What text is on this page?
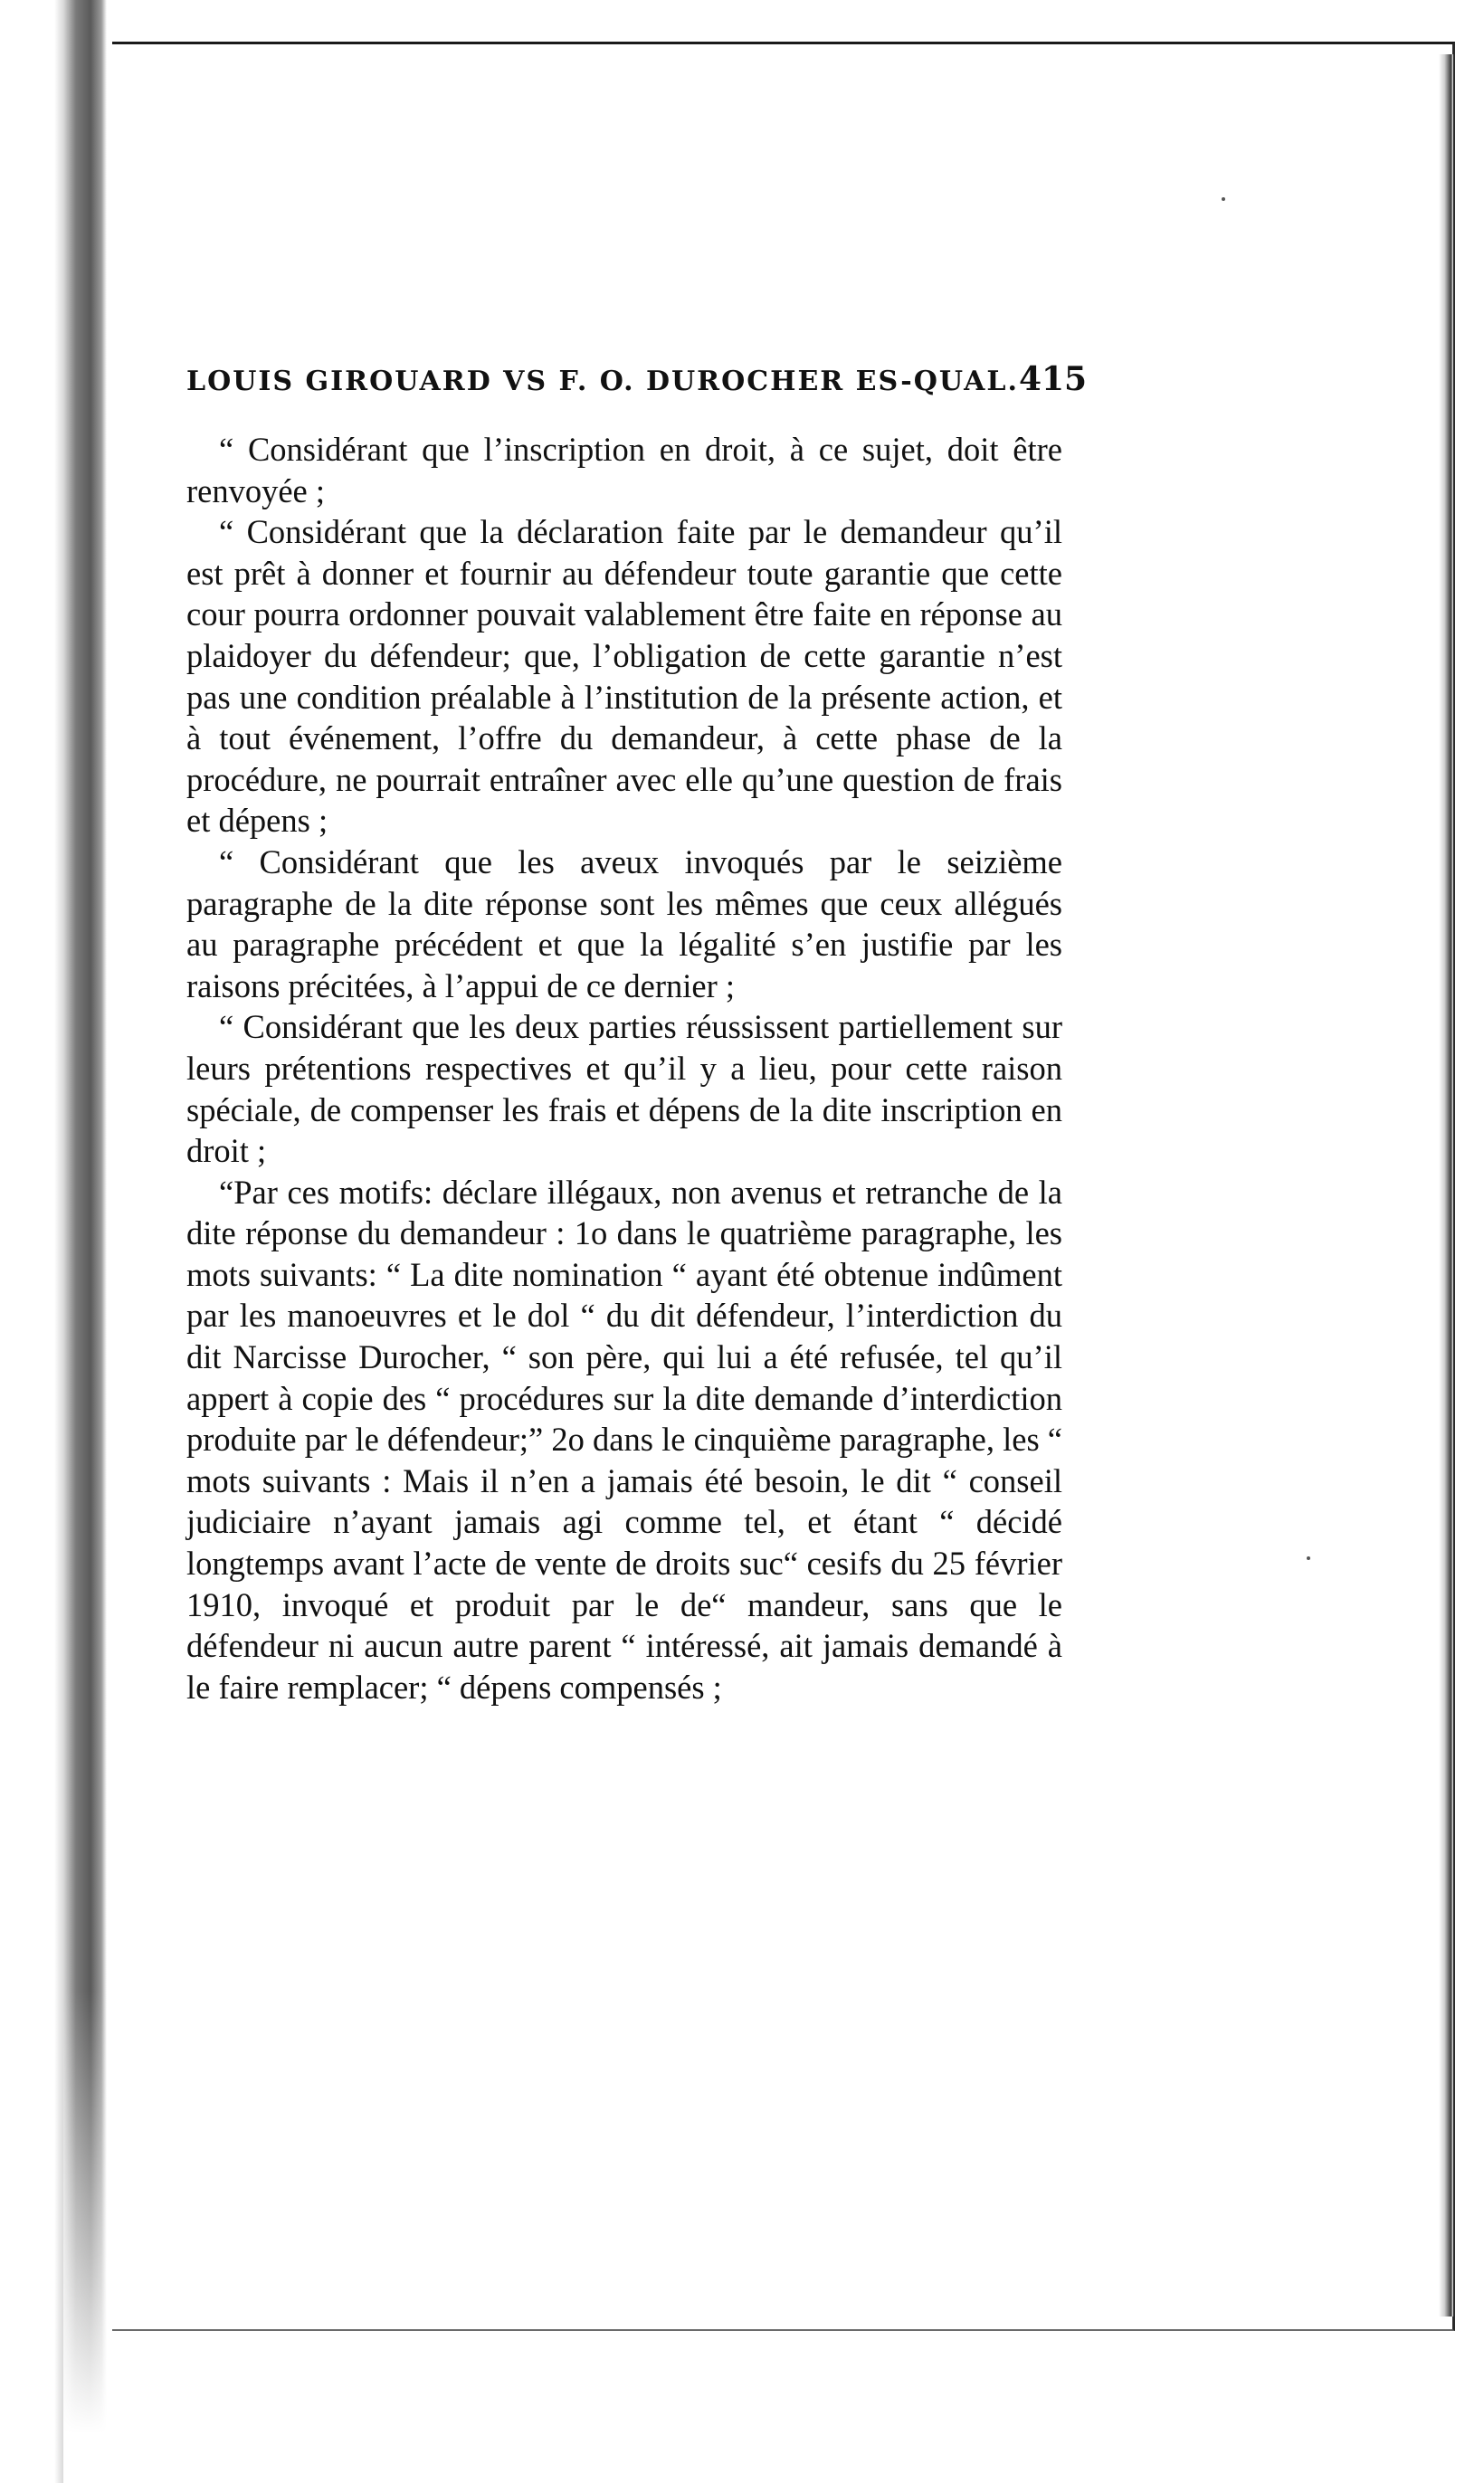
LOUIS GIROUARD VS F. O. DUROCHER ES-QUAL. 415

“ Considérant que l’inscription en droit, à ce sujet, doit être renvoyée ;

“ Considérant que la déclaration faite par le demandeur qu’il est prêt à donner et fournir au défendeur toute garantie que cette cour pourra ordonner pouvait valablement être faite en réponse au plaidoyer du défendeur; que, l’obligation de cette garantie n’est pas une condition préalable à l’institution de la présente action, et à tout événement, l’offre du demandeur, à cette phase de la procédure, ne pourrait entraîner avec elle qu’une question de frais et dépens ;

“ Considérant que les aveux invoqués par le seizième paragraphe de la dite réponse sont les mêmes que ceux allégués au paragraphe précédent et que la légalité s’en justifie par les raisons précitées, à l’appui de ce dernier ;

“ Considérant que les deux parties réussissent partiellement sur leurs prétentions respectives et qu’il y a lieu, pour cette raison spéciale, de compenser les frais et dépens de la dite inscription en droit ;

“Par ces motifs: déclare illégaux, non avenus et retranche de la dite réponse du demandeur : 1o dans le quatrième paragraphe, les mots suivants: “ La dite nomination “ ayant été obtenue indûment par les manoeuvres et le dol “ du dit défendeur, l’interdiction du dit Narcisse Durocher, “ son père, qui lui a été refusée, tel qu’il appert à copie des “ procédures sur la dite demande d’interdiction produite par le défendeur;” 2o dans le cinquième paragraphe, les “ mots suivants : Mais il n’en a jamais été besoin, le dit “ conseil judiciaire n’ayant jamais agi comme tel, et étant “ décidé longtemps avant l’acte de vente de droits suc“ cesifs du 25 février 1910, invoqué et produit par le de“ mandeur, sans que le défendeur ni aucun autre parent “ intéressé, ait jamais demandé à le faire remplacer; “ dépens compensés ;
